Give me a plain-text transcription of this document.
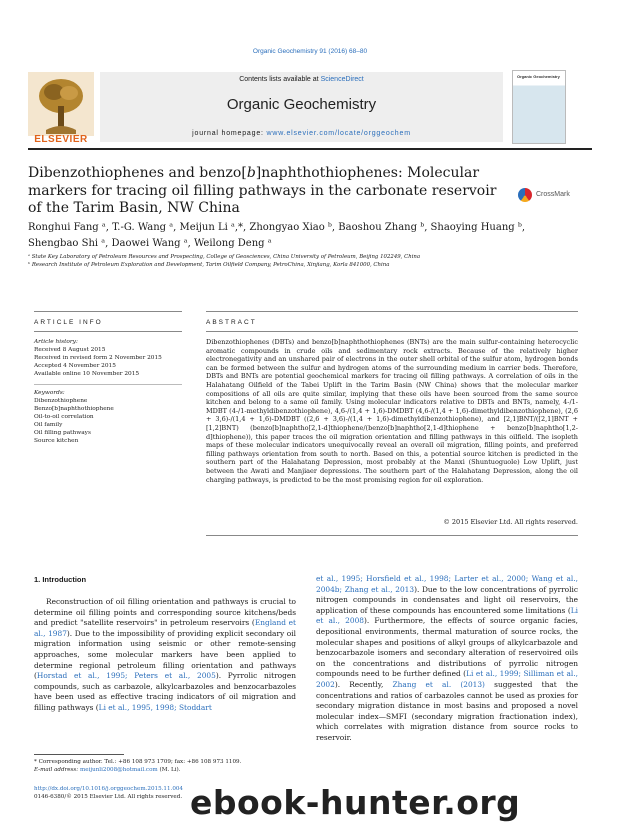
Organic Geochemistry 91 (2016) 68–80
ELSEVIER
Contents lists available at ScienceDirect
Organic Geochemistry
journal homepage: www.elsevier.com/locate/orggeochem
Organic Geochemistry
Dibenzothiophenes and benzo[b]naphthothiophenes: Molecular markers for tracing oil filling pathways in the carbonate reservoir of the Tarim Basin, NW China
CrossMark
Ronghui Fang ᵃ, T.-G. Wang ᵃ, Meijun Li ᵃ,*, Zhongyao Xiao ᵇ, Baoshou Zhang ᵇ, Shaoying Huang ᵇ,
Shengbao Shi ᵃ, Daowei Wang ᵃ, Weilong Deng ᵃ
ᵃ State Key Laboratory of Petroleum Resources and Prospecting, College of Geosciences, China University of Petroleum, Beijing 102249, China
ᵇ Research Institute of Petroleum Exploration and Development, Tarim Oilfield Company, PetroChina, Xinjiang, Korla 841000, China
ARTICLE INFO	ABSTRACT
Article history:
Received 8 August 2015
Received in revised form 2 November 2015
Accepted 4 November 2015
Available online 10 November 2015
Keywords:
Dibenzothiophene
Benzo[b]naphthothiophene
Oil-to-oil correlation
Oil family
Oil filling pathways
Source kitchen
Dibenzothiophenes (DBTs) and benzo[b]naphthothiophenes (BNTs) are the main sulfur-containing heterocyclic aromatic compounds in crude oils and sedimentary rock extracts. Because of the relatively higher electronegativity and an unshared pair of electrons in the outer shell orbital of the sulfur atom, hydrogen bonds can be formed between the sulfur and hydrogen atoms of the surrounding medium in carrier beds. Therefore, DBTs and BNTs are potential geochemical markers for tracing oil filling pathways. A correlation of oils in the Halahatang Oilfield of the Tabei Uplift in the Tarim Basin (NW China) shows that the molecular marker compositions of all oils are quite similar, implying that these oils have been sourced from the same source kitchen and belong to a same oil family. Using molecular indicators relative to DBTs and BNTs, namely, 4-/1-MDBT (4-/1-methyldibenzothiophene), 4,6-/(1,4 + 1,6)-DMDBT (4,6-/(1,4 + 1,6)-dimethyldibenzothiophene), (2,6 + 3,6)-/(1,4 + 1,6)-DMDBT ((2,6 + 3,6)-/(1,4 + 1,6)-dimethyldibenzothiophene), and [2,1]BNT/([2,1]BNT + [1,2]BNT) (benzo[b]naphtho[2,1-d]thiophene/(benzo[b]naphtho[2,1-d]thiophene + benzo[b]naphtho[1,2-d]thiophene)), this paper traces the oil migration orientation and filling pathways in this oilfield. The isopleth maps of these molecular indicators unequivocally reveal an overall oil migration, filling points, and preferred filling pathways orientation from south to north. Based on this, a potential source kitchen is predicted in the southern part of the Halahatang Depression, most probably at the Manxi (Shuntuoguole) Low Uplift, just between the Awati and Manjiaer depressions. The southern part of the Halahatang Depression, along the oil charging pathways, is predicted to be the most promising region for oil exploration.
© 2015 Elsevier Ltd. All rights reserved.
1. Introduction

Reconstruction of oil filling orientation and pathways is crucial to determine oil filling points and corresponding source kitchens/beds and predict "satellite reservoirs" in petroleum reservoirs (England et al., 1987). Due to the impossibility of providing explicit secondary oil migration information using seismic or other remote-sensing approaches, some molecular markers have been applied to determine regional petroleum filling orientation and pathways (Horstad et al., 1995; Peters et al., 2005). Pyrrolic nitrogen compounds, such as carbazole, alkylcarbazoles and benzocarbazoles have been used as effective tracing indicators of oil migration and filling pathways (Li et al., 1995, 1998; Stoddart

et al., 1995; Horsfield et al., 1998; Larter et al., 2000; Wang et al., 2004b; Zhang et al., 2013). Due to the low concentrations of pyrrolic nitrogen compounds in condensates and light oil reservoirs, the application of these compounds has encountered some limitations (Li et al., 2008). Furthermore, the effects of source organic facies, depositional environments, thermal maturation of source rocks, the molecular shapes and positions of alkyl groups of alkylcarbazole and benzocarbazole isomers and secondary alteration of reservoired oils on the concentrations and distributions of pyrrolic nitrogen compounds need to be further defined (Li et al., 1999; Silliman et al., 2002). Recently, Zhang et al. (2013) suggested that the concentrations and ratios of carbazoles cannot be used as proxies for secondary migration distance in most basins and proposed a novel molecular index—SMFI (secondary migration fractionation index), which correlates with migration distance from source rocks to reservoir.
* Corresponding author. Tel.: +86 108 973 1709; fax: +86 108 973 1109.
E-mail address: meijunli2008@hotmail.com (M. Li).
http://dx.doi.org/10.1016/j.orggeochem.2015.11.004
0146-6380/© 2015 Elsevier Ltd. All rights reserved. ebook-hunter.org
